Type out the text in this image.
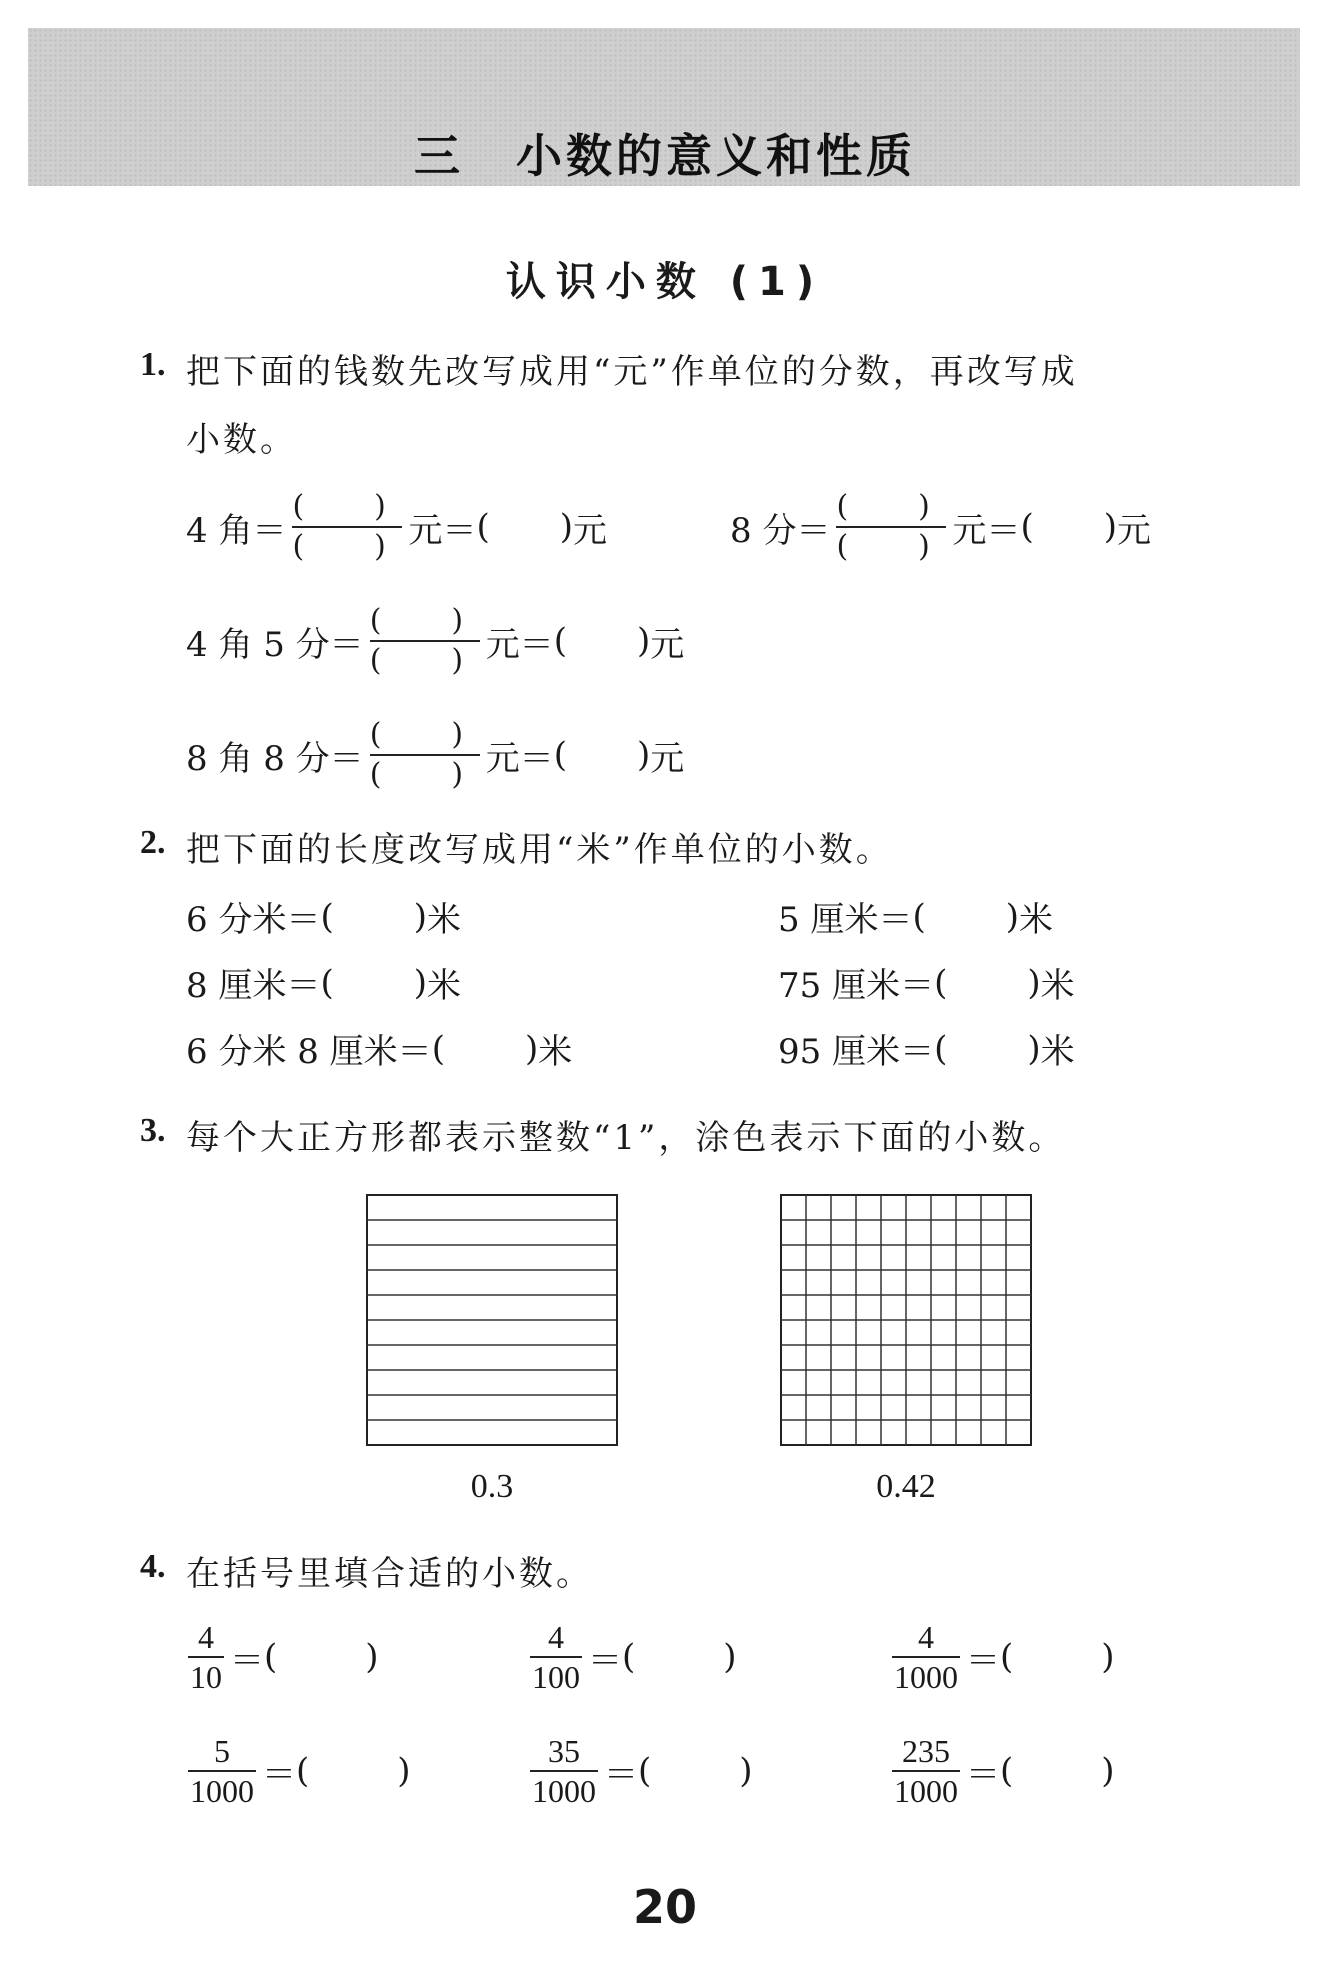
三 小数的意义和性质
认识小数 (1)
1. 把下面的钱数先改写成用“元”作单位的分数，再改写成
小数。
4 角＝ $\frac{( )}{( )}$ 元＝ ( ) 元	8 分＝ $\frac{( )}{( )}$ 元＝ ( ) 元
4 角 5 分＝ $\frac{( )}{( )}$ 元＝ ( ) 元
8 角 8 分＝ $\frac{( )}{( )}$ 元＝ ( ) 元
2. 把下面的长度改写成用“米”作单位的小数。
6 分米＝ ( ) 米	5 厘米＝ ( ) 米
8 厘米＝ ( ) 米	75 厘米＝ ( ) 米
6 分米 8 厘米＝ ( ) 米	95 厘米＝ ( ) 米
3. 每个大正方形都表示整数“1”，涂色表示下面的小数。
0.3	0.42
4. 在括号里填合适的小数。
$\frac{4}{10}$ ＝ (	)	$\frac{4}{100}$ ＝ (	)	$\frac{4}{1000}$ ＝ (	)
$\frac{5}{1000}$ ＝ (	)	$\frac{35}{1000}$ ＝ (	)	$\frac{235}{1000}$ ＝ (	)
20
